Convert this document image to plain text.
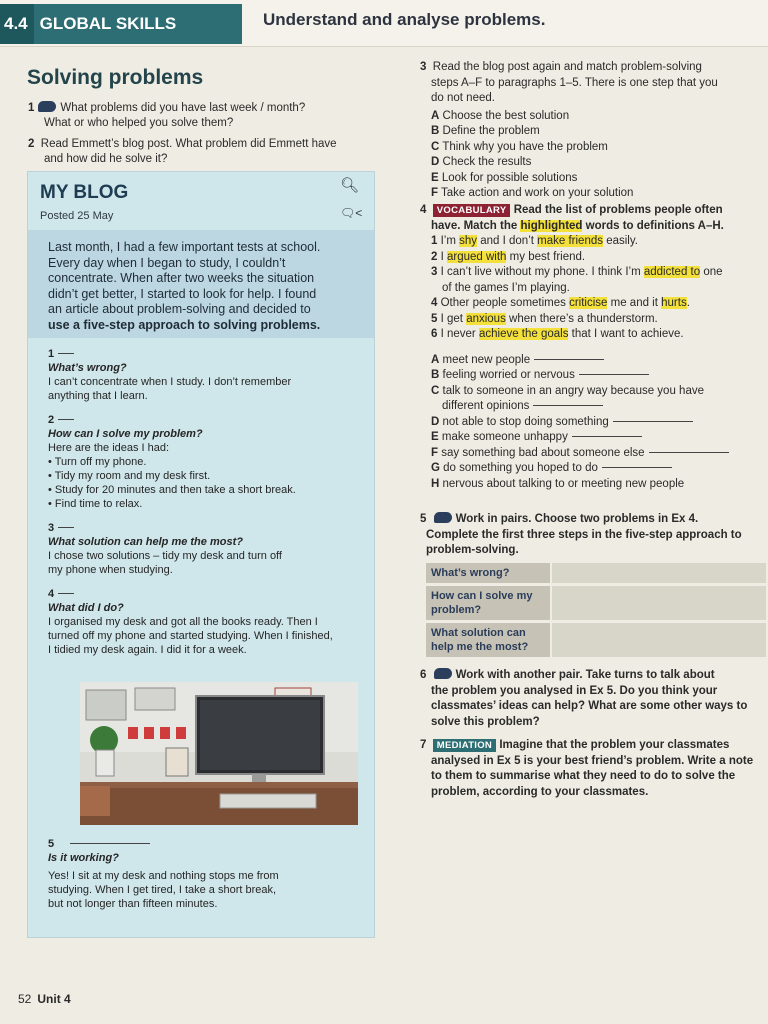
4.4 GLOBAL SKILLS	Understand and analyse problems.
Solving problems
1 What problems did you have last week / month?
What or who helped you solve them?
2 Read Emmett’s blog post. What problem did Emmett have
and how did he solve it?
MY BLOG
Posted 25 May
🔍︎
🗨︎<
Last month, I had a few important tests at school.
Every day when I began to study, I couldn’t
concentrate. When after two weeks the situation
didn’t get better, I started to look for help. I found
an article about problem-solving and decided to
use a five-step approach to solving problems.

1

What’s wrong?

I can’t concentrate when I study. I don’t remember

anything that I learn.

2

How can I solve my problem?

Here are the ideas I had:

• Turn off my phone.

• Tidy my room and my desk first.

• Study for 20 minutes and then take a short break.

• Find time to relax.

3

What solution can help me the most?

I chose two solutions – tidy my desk and turn off

my phone when studying.

4

What did I do?

I organised my desk and got all the books ready. Then I

turned off my phone and started studying. When I finished,

I tidied my desk again. I did it for a week.

5

Is it working?

Yes! I sit at my desk and nothing stops me from

studying. When I get tired, I take a short break,

but not longer than fifteen minutes.

3 Read the blog post again and match problem-solving
steps A–F to paragraphs 1–5. There is one step that you
do not need.
A Choose the best solution
B Define the problem
C Think why you have the problem
D Check the results
E Look for possible solutions
F Take action and work on your solution
4 VOCABULARY Read the list of problems people often
have. Match the highlighted words to definitions A–H.
1 I’m shy and I don’t make friends easily.
2 I argued with my best friend.
3 I can’t live without my phone. I think I’m addicted to one
of the games I’m playing.
4 Other people sometimes criticise me and it hurts.
5 I get anxious when there’s a thunderstorm.
6 I never achieve the goals that I want to achieve.
A meet new people
B feeling worried or nervous
C talk to someone in an angry way because you have
different opinions
D not able to stop doing something
E make someone unhappy
F say something bad about someone else
G do something you hoped to do
H nervous about talking to or meeting new people
5	Work in pairs. Choose two problems in Ex 4.
Complete the first three steps in the five-step approach to
problem-solving.
What’s wrong?
How can I solve my problem?
What solution can help me the most?
6	Work with another pair. Take turns to talk about
the problem you analysed in Ex 5. Do you think your
classmates’ ideas can help? What are some other ways to
solve this problem?
7 MEDIATION Imagine that the problem your classmates
analysed in Ex 5 is your best friend’s problem. Write a note
to them to summarise what they need to do to solve the
problem, according to your classmates.
52 Unit 4
